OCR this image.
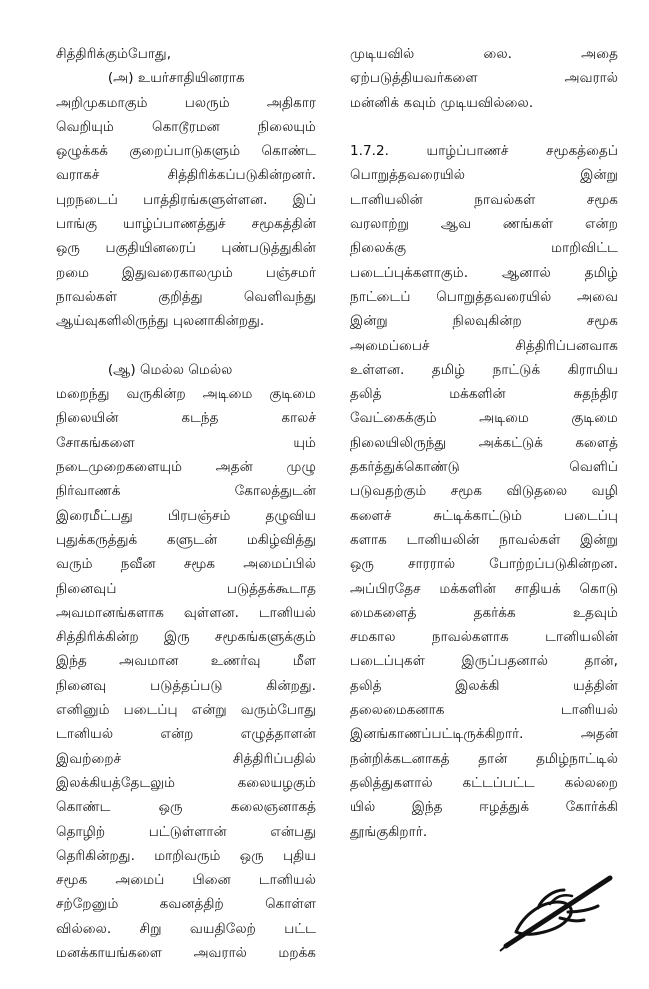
சித்திரிக்கும்போது,
(அ) உயர்சாதியினராக
அறிமுகமாகும் பலரும் அதிகார
வெறியும் கொடூரமன நிலையும்
ஒழுக்கக் குறைப்பாடுகளும் கொண்ட
வராகச் சித்திரிக்கப்படுகின்றனர்.
புறநடைப் பாத்திரங்களுள்ளன. இப்
பாங்கு யாழ்ப்பாணத்துச் சமூகத்தின்
ஒரு பகுதியினரைப் புண்படுத்துகின்
றமை இதுவரைகாலமும் பஞ்சமர்
நாவல்கள் குறித்து வெளிவந்து
ஆய்வுகளிலிருந்து புலனாகின்றது.
(ஆ) மெல்ல மெல்ல
மறைந்து வருகின்ற அடிமை குடிமை
நிலையின் கடந்த காலச்
சோகங்களை யும்
நடைமுறைகளையும் அதன் முழு
நிர்வாணக் கோலத்துடன்
இரைமீட்பது பிரபஞ்சம் தழுவிய
புதுக்கருத்துக் களுடன் மகிழ்வித்து
வரும் நவீன சமூக அமைப்பில்
நினைவுப் படுத்தக்கூடாத
அவமானங்களாக வுள்ளன. டானியல்
சித்திரிக்கின்ற இரு சமூகங்களுக்கும்
இந்த அவமான உணர்வு மீள
நினைவு படுத்தப்படு கின்றது.
எனினும் படைப்பு என்று வரும்போது
டானியல் என்ற எழுத்தாளன்
இவற்றைச் சித்திரிப்பதில்
இலக்கியத்தேடலும் கலையழகும்
கொண்ட ஒரு கலைஞனாகத்
தொழிற் பட்டுள்ளான் என்பது
தெரிகின்றது. மாறிவரும் ஒரு புதிய
சமூக அமைப் பினை டானியல்
சற்றேனும் கவனத்திற் கொள்ள
வில்லை. சிறு வயதிலேற் பட்ட
மனக்காயங்களை அவரால் மறக்க
முடியவில் லை. அதை
ஏற்படுத்தியவர்களை அவரால்
மன்னிக் கவும் முடியவில்லை.
1.7.2. யாழ்ப்பாணச் சமூகத்தைப்
பொறுத்தவரையில் இன்று
டானியலின் நாவல்கள் சமூக
வரலாற்று ஆவ ணங்கள் என்ற
நிலைக்கு மாறிவிட்ட
படைப்புக்களாகும். ஆனால் தமிழ்
நாட்டைப் பொறுத்தவரையில் அவை
இன்று நிலவுகின்ற சமூக
அமைப்பைச் சித்திரிப்பனவாக
உள்ளன. தமிழ் நாட்டுக் கிராமிய
தலித் மக்களின் சுதந்திர
வேட்கைக்கும் அடிமை குடிமை
நிலையிலிருந்து அக்கட்டுக் களைத்
தகர்த்துக்கொண்டு வெளிப்
படுவதற்கும் சமூக விடுதலை வழி
களைச் சுட்டிக்காட்டும் படைப்பு
களாக டானியலின் நாவல்கள் இன்று
ஒரு சாரரால் போற்றப்படுகின்றன.
அப்பிரதேச மக்களின் சாதியக் கொடு
மைகளைத் தகர்க்க உதவும்
சமகால நாவல்களாக டானியலின்
படைப்புகள் இருப்பதனால் தான்,
தலித் இலக்கி யத்தின்
தலைமைகனாக டானியல்
இனங்காணப்பட்டிருக்கிறார். அதன்
நன்றிக்கடனாகத் தான் தமிழ்நாட்டில்
தலித்துகளால் கட்டப்பட்ட கல்லறை
யில் இந்த ஈழத்துக் கோர்க்கி
தூங்குகிறார்.
